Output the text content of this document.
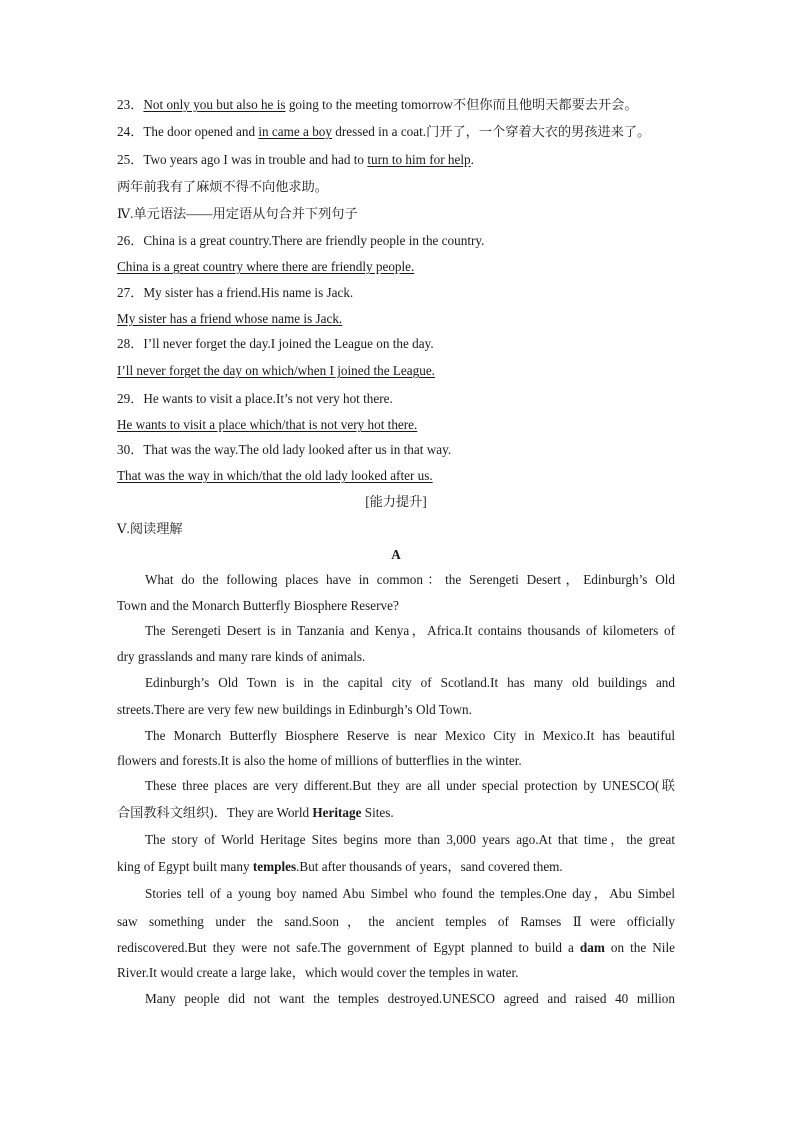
23．Not only you but also he is going to the meeting tomorrow不但你而且他明天都要去开会。
24．The door opened and in came a boy dressed in a coat.门开了，一个穿着大衣的男孩进来了。
25．Two years ago I was in trouble and had to turn to him for help.
两年前我有了麻烦不得不向他求助。
Ⅳ.单元语法——用定语从句合并下列句子
26．China is a great country.There are friendly people in the country.
China is a great country where there are friendly people.
27．My sister has a friend.His name is Jack.
My sister has a friend whose name is Jack.
28．I’ll never forget the day.I joined the League on the day.
I’ll never forget the day on which/when I joined the League.
29．He wants to visit a place.It’s not very hot there.
He wants to visit a place which/that is not very hot there.
30．That was the way.The old lady looked after us in that way.
That was the way in which/that the old lady looked after us.
[能力提升]
Ⅴ.阅读理解
A
What do the following places have in common：the Serengeti Desert，Edinburgh’s Old
Town and the Monarch Butterfly Biosphere Reserve?
The Serengeti Desert is in Tanzania and Kenya，Africa.It contains thousands of kilometers of
dry grasslands and many rare kinds of animals.
Edinburgh’s Old Town is in the capital city of Scotland.It has many old buildings and
streets.There are very few new buildings in Edinburgh’s Old Town.
The Monarch Butterfly Biosphere Reserve is near Mexico City in Mexico.It has beautiful
flowers and forests.It is also the home of millions of butterflies in the winter.
These three places are very different.But they are all under special protection by UNESCO(联
合国教科文组织)．They are World Heritage Sites.
The story of World Heritage Sites begins more than 3,000 years ago.At that time，the great
king of Egypt built many temples.But after thousands of years，sand covered them.
Stories tell of a young boy named Abu Simbel who found the temples.One day，Abu Simbel
saw something under the sand.Soon，the ancient temples of Ramses Ⅱwere officially
rediscovered.But they were not safe.The government of Egypt planned to build a dam on the Nile
River.It would create a large lake，which would cover the temples in water.
Many people did not want the temples destroyed.UNESCO agreed and raised 40 million
